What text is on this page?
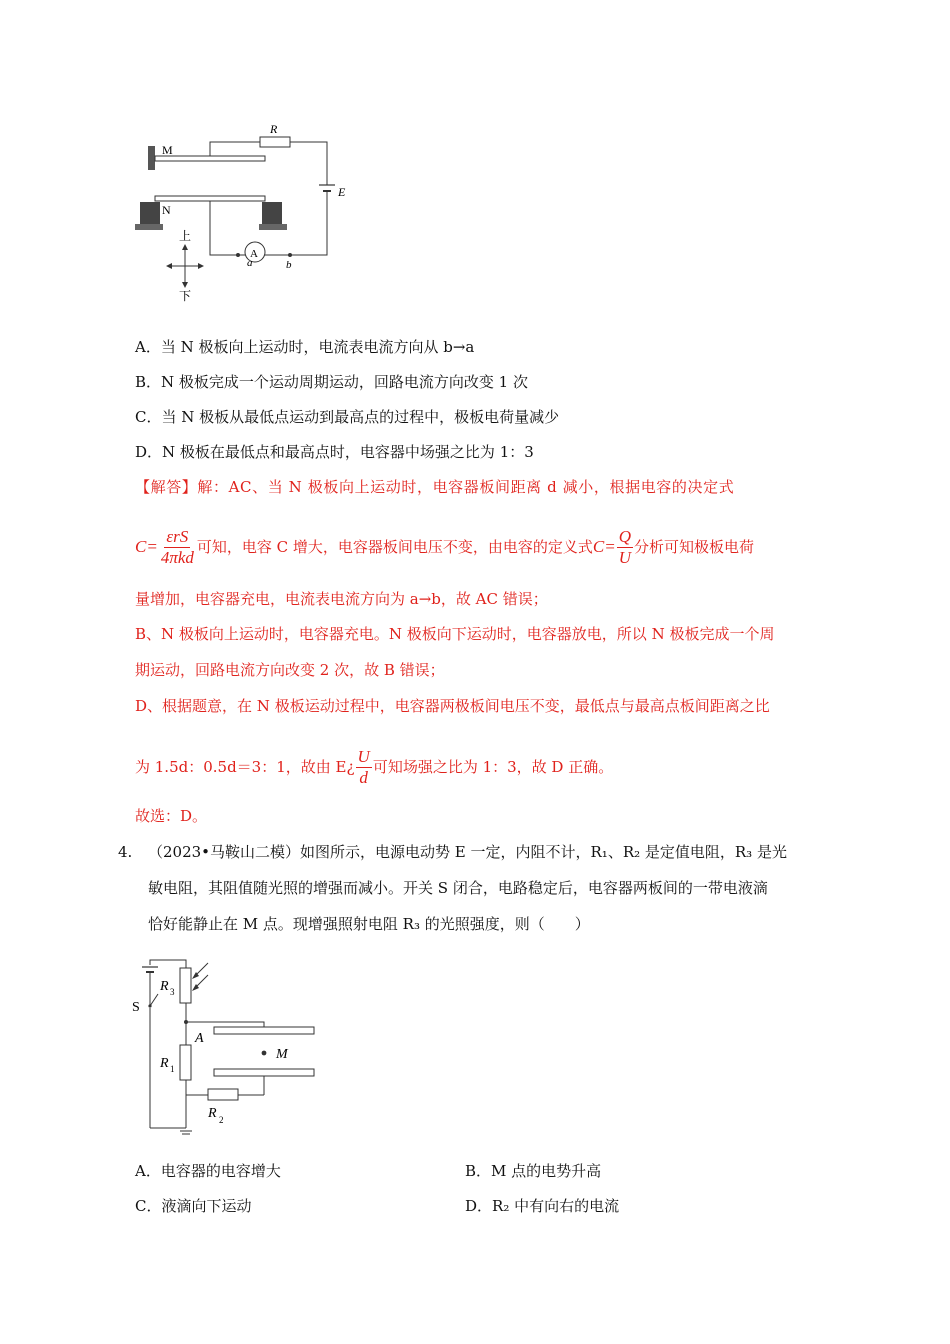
M
R
E
N
A
a	b
上
下
A．当 N 极板向上运动时，电流表电流方向从 b→a
B．N 极板完成一个运动周期运动，回路电流方向改变 1 次
C．当 N 极板从最低点运动到最高点的过程中，极板电荷量减少
D．N 极板在最低点和最高点时，电容器中场强之比为 1：3
【解答】解：AC、当 N 极板向上运动时，电容器板间距离 d 减小，根据电容的决定式
$C= \frac{\text{εrS}}{\text{4πkd}}$ 可知，电容 C 增大，电容器板间电压不变，由电容的定义式 $C= \frac{Q}{U}$ 分析可知极板电荷
量增加，电容器充电，电流表电流方向为 a→b，故 AC 错误；
B、N 极板向上运动时，电容器充电。N 极板向下运动时，电容器放电，所以 N 极板完成一个周
期运动，回路电流方向改变 2 次，故 B 错误；
D、根据题意，在 N 极板运动过程中，电容器两极板间电压不变，最低点与最高点板间距离之比
为 1.5d：0.5d＝3：1，故由 E¿ $\frac{U}{d}$ 可知场强之比为 1：3，故 D 正确。
故选：D。
4. （2023•马鞍山二模）如图所示，电源电动势 E 一定，内阻不计，R₁、R₂ 是定值电阻，R₃ 是光
敏电阻，其阻值随光照的增强而减小。开关 S 闭合，电路稳定后，电容器两板间的一带电液滴
恰好能静止在 M 点。现增强照射电阻 R₃ 的光照强度，则（　　）
S
R 3
A
R 1
M
R 2
A．电容器的电容增大	B．M 点的电势升高
C．液滴向下运动	D．R₂ 中有向右的电流
